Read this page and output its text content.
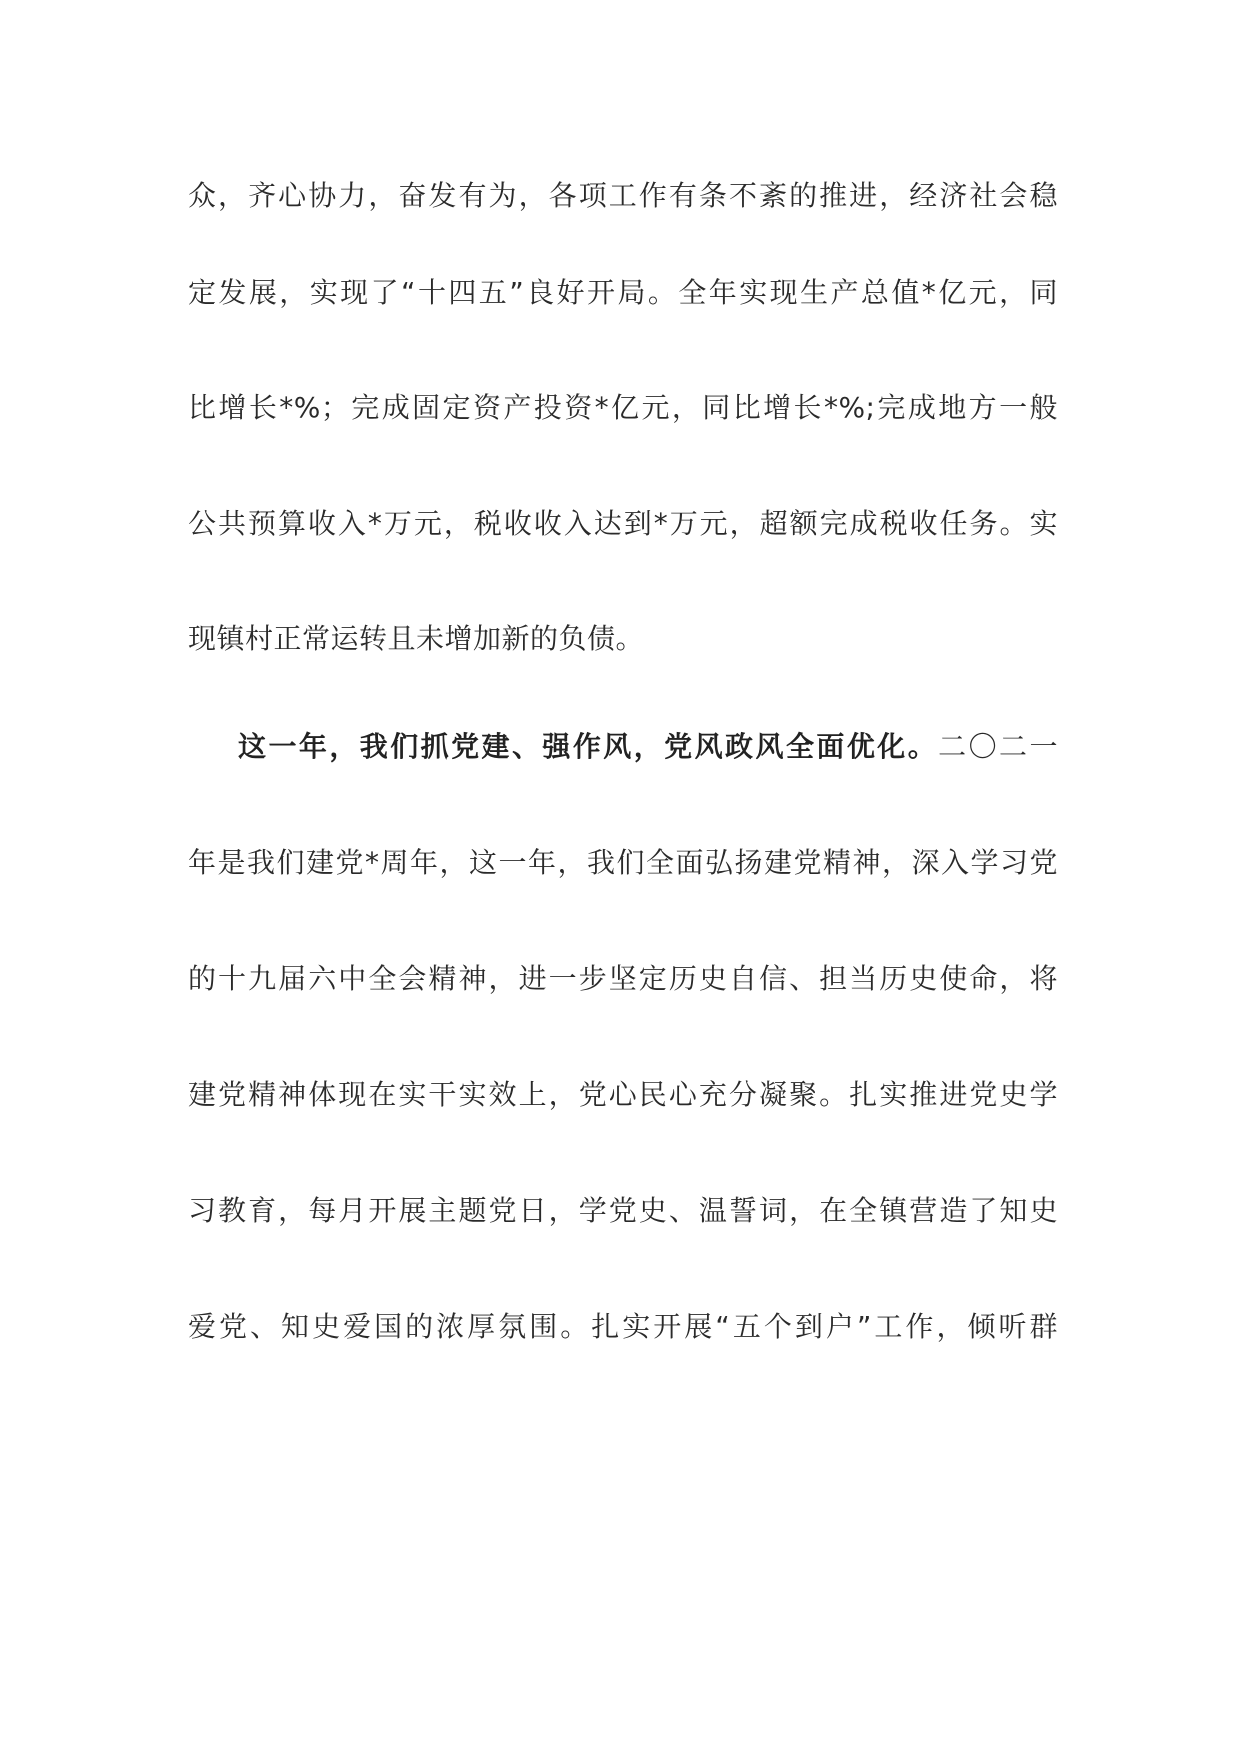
众，齐心协力，奋发有为，各项工作有条不紊的推进，经济社会稳
定发展，实现了“十四五”良好开局。全年实现生产总值*亿元，同
比增长*%；完成固定资产投资*亿元，同比增长*%;完成地方一般
公共预算收入*万元，税收收入达到*万元，超额完成税收任务。实
现镇村正常运转且未增加新的负债。
这一年，我们抓党建、强作风，党风政风全面优化。二〇二一
年是我们建党*周年，这一年，我们全面弘扬建党精神，深入学习党
的十九届六中全会精神，进一步坚定历史自信、担当历史使命，将
建党精神体现在实干实效上，党心民心充分凝聚。扎实推进党史学
习教育，每月开展主题党日，学党史、温誓词，在全镇营造了知史
爱党、知史爱国的浓厚氛围。扎实开展“五个到户”工作，倾听群
